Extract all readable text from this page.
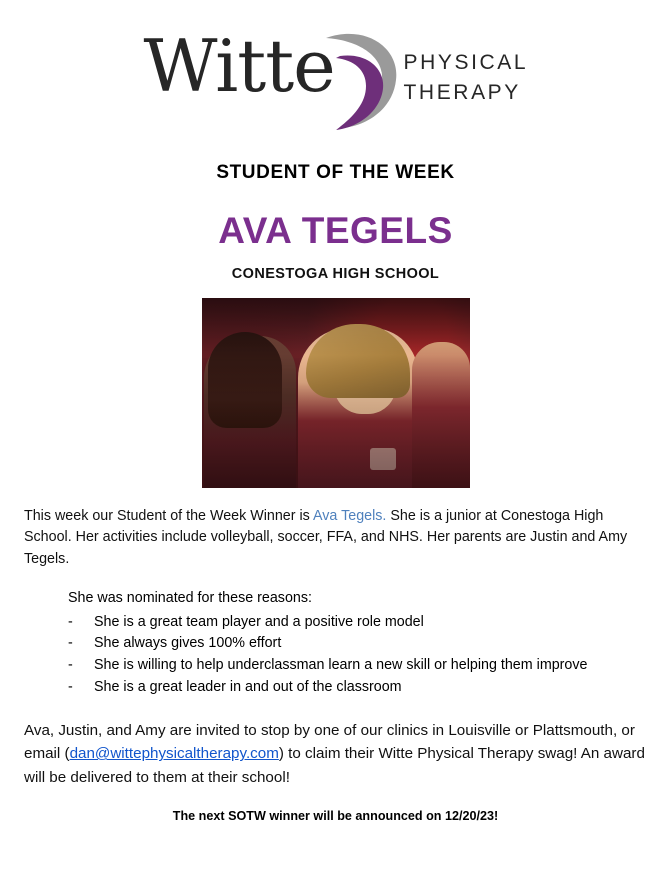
Witte	PHYSICAL
THERAPY
STUDENT OF THE WEEK
AVA TEGELS
CONESTOGA HIGH SCHOOL
This week our Student of the Week Winner is Ava Tegels. She is a junior at Conestoga High School. Her activities include volleyball, soccer, FFA, and NHS. Her parents are Justin and Amy Tegels.
She was nominated for these reasons:
- She is a great team player and a positive role model
- She always gives 100% effort
- She is willing to help underclassman learn a new skill or helping them improve
- She is a great leader in and out of the classroom
Ava, Justin, and Amy are invited to stop by one of our clinics in Louisville or Plattsmouth, or email (dan@wittephysicaltherapy.com) to claim their Witte Physical Therapy swag! An award will be delivered to them at their school!
The next SOTW winner will be announced on 12/20/23!
